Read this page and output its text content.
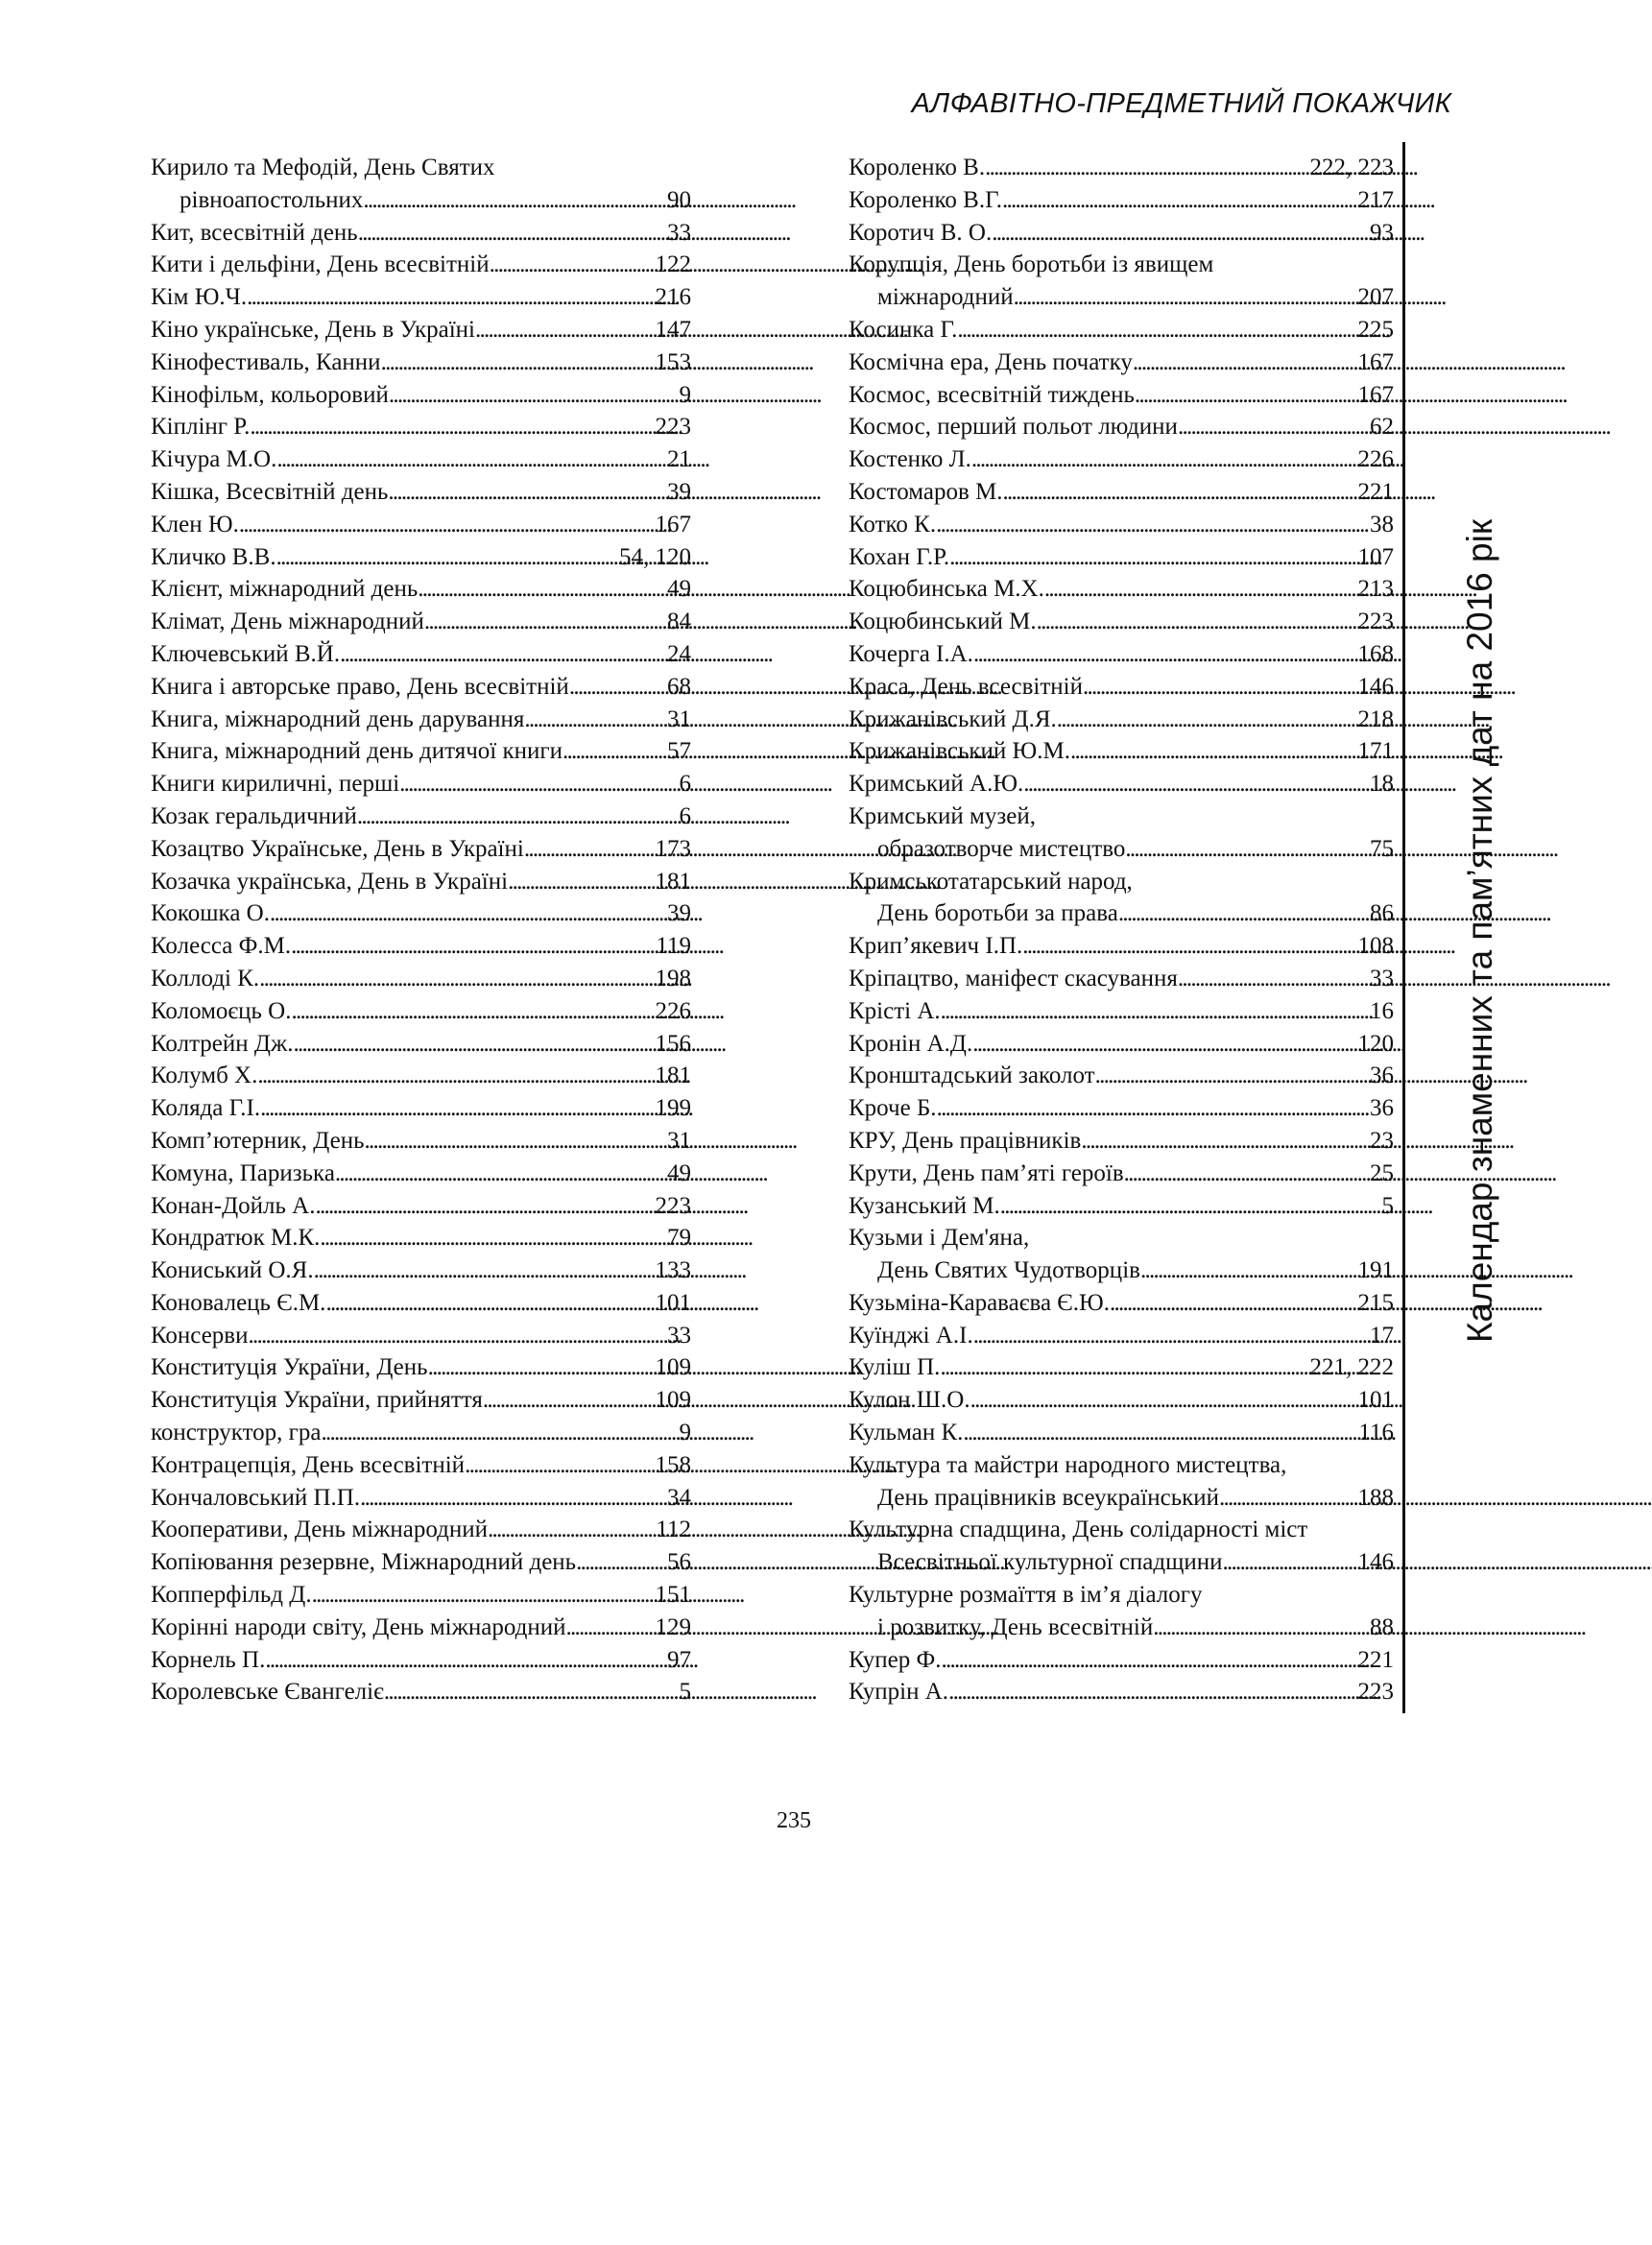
АЛФАВІТНО-ПРЕДМЕТНИЙ ПОКАЖЧИК
Кирило та Мефодій, День Святих
рівноапостольних . . .	90
Кит, всесвітній день . . .	33
Кити і дельфіни, День всесвітній . . .	122
Кім Ю.Ч. . . .	216
Кіно українське, День в Україні . . .	147
Кінофестиваль, Канни . . .	153
Кінофільм, кольоровий . . .	9
Кіплінг Р. . . .	223
Кічура М.О. . . .	21
Кішка, Всесвітній день . . .	39
Клен Ю. . . .	167
Кличко В.В. . . .	54, 120
Клієнт, міжнародний день . . .	49
Клімат, День міжнародний . . .	84
Ключевський В.Й. . . .	24
Книга і авторське право, День всесвітній . . .	68
Книга, міжнародний день дарування . . .	31
Книга, міжнародний день дитячої книги . . .	57
Книги кириличні, перші . . .	6
Козак геральдичний . . .	6
Козацтво Українське, День в Україні . . .	173
Козачка українська, День в Україні . . .	181
Кокошка О. . . .	39
Колесса Ф.М. . . .	119
Коллоді К. . . .	198
Коломоєць О. . . .	226
Колтрейн Дж. . . .	156
Колумб Х. . . .	181
Коляда Г.І. . . .	199
Комп’ютерник, День . . .	31
Комуна, Паризька . . .	49
Конан-Дойль А. . . .	223
Кондратюк М.К. . . .	79
Кониський О.Я. . . .	133
Коновалець Є.М. . . .	101
Консерви . . .	33
Конституція України, День . . .	109
Конституція України, прийняття . . .	109
конструктор, гра . . .	9
Контрацепція, День всесвітній . . .	158
Кончаловський П.П. . . .	34
Кооперативи, День міжнародний . . .	112
Копіювання резервне, Міжнародний день . . .	56
Копперфільд Д. . . .	151
Корінні народи світу, День міжнародний . . .	129
Корнель П. . . .	97
Королевське Євангеліє . . .	5
Короленко В. . . .	222, 223
Короленко В.Г. . . .	217
Коротич В. О. . . .	93
Корупція, День боротьби із явищем
міжнародний . . .	207
Косинка Г. . . .	225
Космічна ера, День початку . . .	167
Космос, всесвітній тиждень . . .	167
Космос, перший польот людини . . .	62
Костенко Л. . . .	226
Костомаров М. . . .	221
Котко К. . . .	38
Кохан Г.Р. . . .	107
Коцюбинська М.Х. . . .	213
Коцюбинський М. . . .	223
Кочерга І.А. . . .	168
Краса, День всесвітній . . .	146
Крижанівський Д.Я. . . .	218
Крижанівський Ю.М. . . .	171
Кримський А.Ю. . . .	18
Кримський музей,
образотворче мистецтво . . .	75
Кримськотатарський народ,
День боротьби за права . . .	86
Крип’якевич І.П. . . .	108
Кріпацтво, маніфест скасування . . .	33
Крісті А. . . .	16
Кронін А.Д. . . .	120
Кронштадський заколот . . .	36
Кроче Б. . . .	36
КРУ, День працівників . . .	23
Крути, День пам’яті героїв . . .	25
Кузанський М. . . .	5
Кузьми і Дем'яна,
День Святих Чудотворців . . .	191
Кузьміна-Караваєва Є.Ю. . . .	215
Куїнджі А.І. . . .	17
Куліш П. . . .	221, 222
Кулон Ш.О. . . .	101
Кульман К. . . .	116
Культура та майстри народного мистецтва,
День працівників всеукраїнський . . .	188
Культурна спадщина, День солідарності міст
Всесвітньої культурної спадщини . . .	146
Культурне розмаїття в ім’я діалогу
і розвитку, День всесвітній . . .	88
Купер Ф. . . .	221
Купрін А. . . .	223
Календар знаменних та пам’ятних дат на 2016 рік
235
